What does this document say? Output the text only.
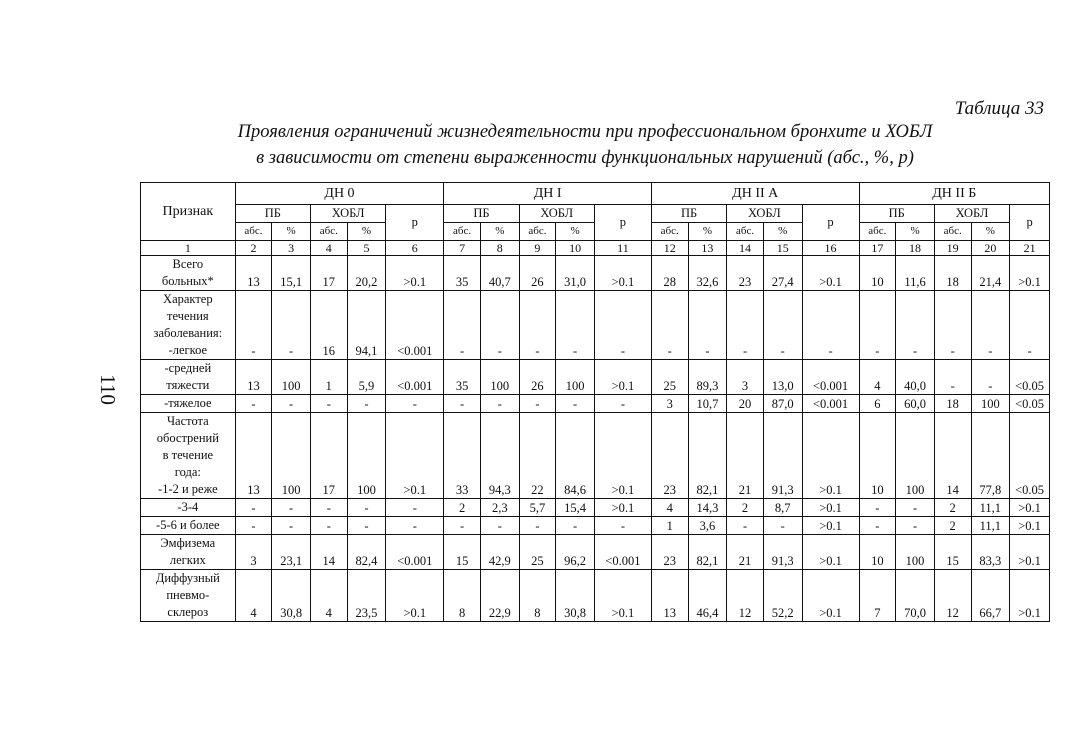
Таблица 33
Проявления ограничений жизнедеятельности при профессиональном бронхите и ХОБЛ
в зависимости от степени выраженности функциональных нарушений (абс., %, р)
110
Признак	ДН 0					ДН I					ДН II А					ДН II Б				
	ПБ		ХОБЛ		р	ПБ		ХОБЛ		р	ПБ		ХОБЛ		р	ПБ		ХОБЛ		р
	абс.	%	абс.	%		абс.	%	абс.	%		абс.	%	абс.	%		абс.	%	абс.	%	
1	2	3	4	5	6	7	8	9	10	11	12	13	14	15	16	17	18	19	20	21

Всего
больных*	13	15,1	17	20,2	>0.1	35	40,7	26	31,0	>0.1	28	32,6	23	27,4	>0.1	10	11,6	18	21,4	>0.1

Характер
течения
заболевания:
-легкое	-	-	16	94,1	<0.001	-	-	-	-	-	-	-	-	-	-	-	-	-	-	-

-средней
тяжести	13	100	1	5,9	<0.001	35	100	26	100	>0.1	25	89,3	3	13,0	<0.001	4	40,0	-	-	<0.05

-тяжелое	-	-	-	-	-	-	-	-	-	-	3	10,7	20	87,0	<0.001	6	60,0	18	100	<0.05

Частота
обострений
в течение
года:
-1-2 и реже	13	100	17	100	>0.1	33	94,3	22	84,6	>0.1	23	82,1	21	91,3	>0.1	10	100	14	77,8	<0.05

-3-4	-	-	-	-	-	2	2,3	5,7	15,4	>0.1	4	14,3	2	8,7	>0.1	-	-	2	11,1	>0.1

-5-6 и более	-	-	-	-	-	-	-	-	-	-	1	3,6	-	-	>0.1	-	-	2	11,1	>0.1

Эмфизема
легких	3	23,1	14	82,4	<0.001	15	42,9	25	96,2	<0.001	23	82,1	21	91,3	>0.1	10	100	15	83,3	>0.1

Диффузный
пневмо-
склероз	4	30,8	4	23,5	>0.1	8	22,9	8	30,8	>0.1	13	46,4	12	52,2	>0.1	7	70,0	12	66,7	>0.1
